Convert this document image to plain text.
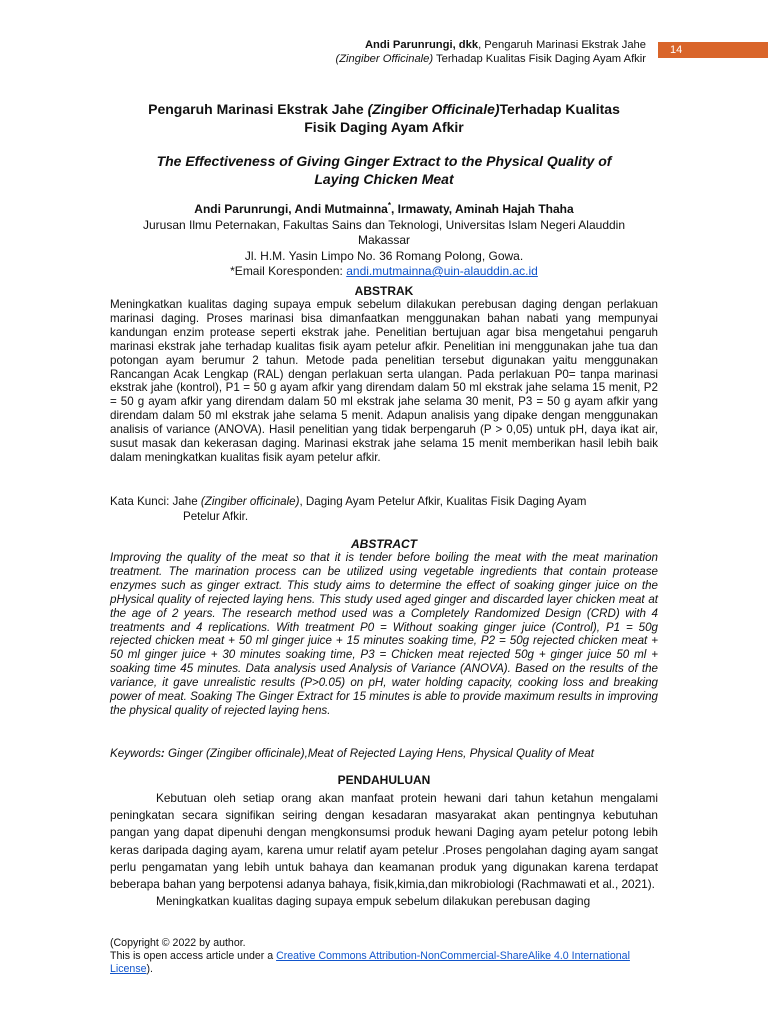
Andi Parunrungi, dkk, Pengaruh Marinasi Ekstrak Jahe
(Zingiber Officinale) Terhadap Kualitas Fisik Daging Ayam Afkir
14
Pengaruh Marinasi Ekstrak Jahe (Zingiber Officinale)Terhadap Kualitas
Fisik Daging Ayam Afkir
The Effectiveness of Giving Ginger Extract to the Physical Quality of
Laying Chicken Meat
Andi Parunrungi, Andi Mutmainna*, Irmawaty, Aminah Hajah Thaha
Jurusan Ilmu Peternakan, Fakultas Sains dan Teknologi, Universitas Islam Negeri Alauddin
Makassar
Jl. H.M. Yasin Limpo No. 36 Romang Polong, Gowa.
*Email Koresponden: andi.mutmainna@uin-alauddin.ac.id
ABSTRAK
Meningkatkan kualitas daging supaya empuk sebelum dilakukan perebusan daging dengan perlakuan marinasi daging. Proses marinasi bisa dimanfaatkan menggunakan bahan nabati yang mempunyai kandungan enzim protease seperti ekstrak jahe. Penelitian bertujuan agar bisa mengetahui pengaruh marinasi ekstrak jahe terhadap kualitas fisik ayam petelur afkir. Penelitian ini menggunakan jahe tua dan potongan ayam berumur 2 tahun. Metode pada penelitian tersebut digunakan yaitu menggunakan Rancangan Acak Lengkap (RAL) dengan perlakuan serta ulangan. Pada perlakuan P0= tanpa marinasi ekstrak jahe (kontrol), P1 = 50 g ayam afkir yang direndam dalam 50 ml ekstrak jahe selama 15 menit, P2 = 50 g ayam afkir yang direndam dalam 50 ml ekstrak jahe selama 30 menit, P3 = 50 g ayam afkir yang direndam dalam 50 ml ekstrak jahe selama 5 menit. Adapun analisis yang dipake dengan menggunakan analisis of variance (ANOVA). Hasil penelitian yang tidak berpengaruh (P > 0,05) untuk pH, daya ikat air, susut masak dan kekerasan daging. Marinasi ekstrak jahe selama 15 menit memberikan hasil lebih baik dalam meningkatkan kualitas fisik ayam petelur afkir.
Kata Kunci: Jahe (Zingiber officinale), Daging Ayam Petelur Afkir, Kualitas Fisik Daging Ayam
Petelur Afkir.
ABSTRACT
Improving the quality of the meat so that it is tender before boiling the meat with the meat marination treatment. The marination process can be utilized using vegetable ingredients that contain protease enzymes such as ginger extract. This study aims to determine the effect of soaking ginger juice on the pHysical quality of rejected laying hens. This study used aged ginger and discarded layer chicken meat at the age of 2 years. The research method used was a Completely Randomized Design (CRD) with 4 treatments and 4 replications. With treatment P0 = Without soaking ginger juice (Control), P1 = 50g rejected chicken meat + 50 ml ginger juice + 15 minutes soaking time, P2 = 50g rejected chicken meat + 50 ml ginger juice + 30 minutes soaking time, P3 = Chicken meat rejected 50g + ginger juice 50 ml + soaking time 45 minutes. Data analysis used Analysis of Variance (ANOVA). Based on the results of the variance, it gave unrealistic results (P>0.05) on pH, water holding capacity, cooking loss and breaking power of meat. Soaking The Ginger Extract for 15 minutes is able to provide maximum results in improving the physical quality of rejected laying hens.
Keywords: Ginger (Zingiber officinale),Meat of Rejected Laying Hens, Physical Quality of Meat
PENDAHULUAN
Kebutuan oleh setiap orang akan manfaat protein hewani dari tahun ketahun mengalami peningkatan secara signifikan seiring dengan kesadaran masyarakat akan pentingnya kebutuhan pangan yang dapat dipenuhi dengan mengkonsumsi produk hewani Daging ayam petelur potong lebih keras daripada daging ayam, karena umur relatif ayam petelur .Proses pengolahan daging ayam sangat perlu pengamatan yang lebih untuk bahaya dan keamanan produk yang digunakan karena terdapat beberapa bahan yang berpotensi adanya bahaya, fisik,kimia,dan mikrobiologi (Rachmawati et al., 2021).
Meningkatkan kualitas daging supaya empuk sebelum dilakukan perebusan daging
(Copyright © 2022 by author.
This is open access article under a Creative Commons Attribution-NonCommercial-ShareAlike 4.0 International License).
